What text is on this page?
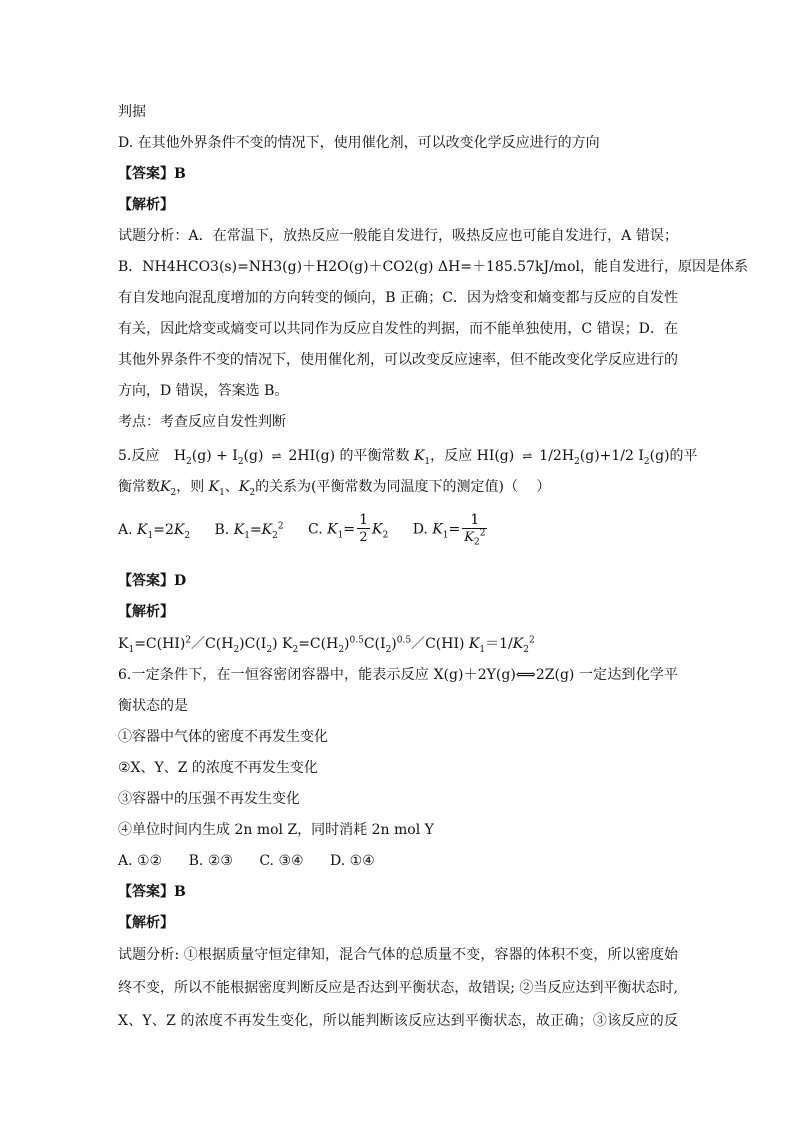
判据
D. 在其他外界条件不变的情况下，使用催化剂，可以改变化学反应进行的方向
【答案】B
【解析】
试题分析：A．在常温下，放热反应一般能自发进行，吸热反应也可能自发进行，A 错误；
B．NH4HCO3(s)=NH3(g)＋H2O(g)＋CO2(g) ΔH=＋185.57kJ/mol，能自发进行，原因是体系
有自发地向混乱度增加的方向转变的倾向，B 正确；C．因为焓变和熵变都与反应的自发性
有关，因此焓变或熵变可以共同作为反应自发性的判据，而不能单独使用，C 错误；D．在
其他外界条件不变的情况下，使用催化剂，可以改变反应速率，但不能改变化学反应进行的
方向，D 错误，答案选 B。
考点：考查反应自发性判断
5.反应 $H_2(g) + I_2(g)$ ⇌ 2HI(g) 的平衡常数 $K_1$，反应 HI(g) ⇌ $1/2H_2(g)+1/2$ $I_2(g)$的平
衡常数$K_2$，则 $K_1$、$K_2$的关系为(平衡常数为同温度下的测定值)（　 ）
A. $K_1=2K_2$ B. $K_1=K_2^2$ C. $K_1= \frac{1}{2} K_2$ D. $K_1= \frac{1}{K_2^2}$
【答案】D
【解析】
$K_1=C(HI)^2/C(H_2)C(I_2)$ $K_2=C(H_2)^{0.5}C(I_2)^{0.5}/C(HI)$ $K_1=1/K_2^2$
6.一定条件下，在一恒容密闭容器中，能表示反应 X(g)＋2Y(g)⟺2Z(g) 一定达到化学平
衡状态的是
①容器中气体的密度不再发生变化
②X、Y、Z 的浓度不再发生变化
③容器中的压强不再发生变化
④单位时间内生成 2n mol Z，同时消耗 2n mol Y
A. ①② B. ②③ C. ③④ D. ①④
【答案】B
【解析】
试题分析: ①根据质量守恒定律知，混合气体的总质量不变，容器的体积不变，所以密度始
终不变，所以不能根据密度判断反应是否达到平衡状态，故错误; ②当反应达到平衡状态时,
X、Y、Z 的浓度不再发生变化，所以能判断该反应达到平衡状态，故正确；③该反应的反
